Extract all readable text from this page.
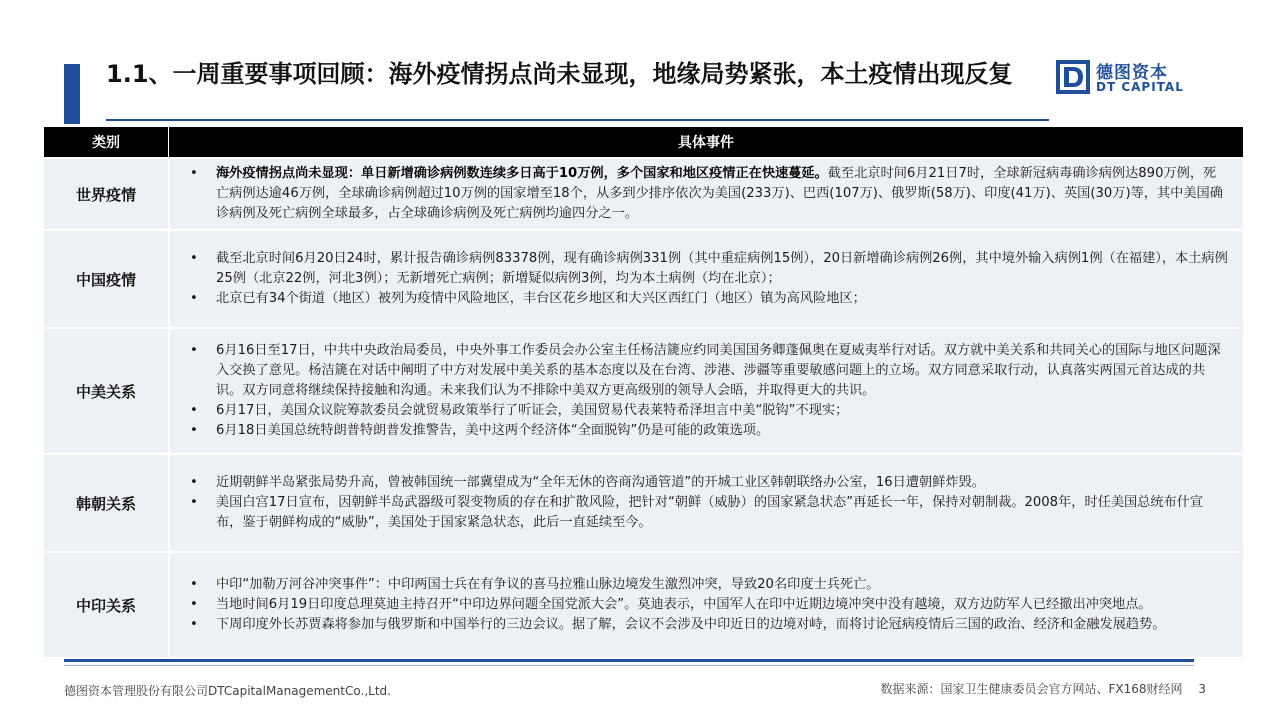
1.1、一周重要事项回顾：海外疫情拐点尚未显现，地缘局势紧张，本土疫情出现反复	德图资本
DT CAPITAL
类别	具体事件
世界疫情
• 海外疫情拐点尚未显现：单日新增确诊病例数连续多日高于10万例，多个国家和地区疫情正在快速蔓延。截至北京时间6月21日7时，全球新冠病毒确诊病例达890万例，死亡病例达逾46万例，全球确诊病例超过10万例的国家增至18个，从多到少排序依次为美国(233万)、巴西(107万)、俄罗斯(58万)、印度(41万)、英国(30万)等，其中美国确诊病例及死亡病例全球最多，占全球确诊病例及死亡病例均逾四分之一。
中国疫情
• 截至北京时间6月20日24时，累计报告确诊病例83378例，现有确诊病例331例（其中重症病例15例），20日新增确诊病例26例，其中境外输入病例1例（在福建），本土病例25例（北京22例，河北3例）；无新增死亡病例；新增疑似病例3例，均为本土病例（均在北京）；
• 北京已有34个街道（地区）被列为疫情中风险地区，丰台区花乡地区和大兴区西红门（地区）镇为高风险地区；
中美关系
• 6月16日至17日，中共中央政治局委员，中央外事工作委员会办公室主任杨洁篪应约同美国国务卿蓬佩奥在夏威夷举行对话。双方就中美关系和共同关心的国际与地区问题深入交换了意见。杨洁篪在对话中阐明了中方对发展中美关系的基本态度以及在台湾、涉港、涉疆等重要敏感问题上的立场。双方同意采取行动，认真落实两国元首达成的共识。双方同意将继续保持接触和沟通。未来我们认为不排除中美双方更高级别的领导人会晤，并取得更大的共识。
• 6月17日，美国众议院筹款委员会就贸易政策举行了听证会，美国贸易代表莱特希泽坦言中美“脱钩”不现实；
• 6月18日美国总统特朗普特朗普发推警告，美中这两个经济体“全面脱钩”仍是可能的政策选项。
韩朝关系
• 近期朝鲜半岛紧张局势升高，曾被韩国统一部冀望成为“全年无休的咨商沟通管道”的开城工业区韩朝联络办公室，16日遭朝鲜炸毁。
• 美国白宫17日宣布，因朝鲜半岛武器级可裂变物质的存在和扩散风险，把针对“朝鲜（威胁）的国家紧急状态”再延长一年，保持对朝制裁。2008年，时任美国总统布什宣布，鉴于朝鲜构成的“威胁”，美国处于国家紧急状态，此后一直延续至今。
中印关系
• 中印“加勒万河谷冲突事件”：中印两国士兵在有争议的喜马拉雅山脉边境发生激烈冲突，导致20名印度士兵死亡。
• 当地时间6月19日印度总理莫迪主持召开“中印边界问题全国党派大会”。莫迪表示，中国军人在印中近期边境冲突中没有越境，双方边防军人已经撤出冲突地点。
• 下周印度外长苏贾森将参加与俄罗斯和中国举行的三边会议。据了解，会议不会涉及中印近日的边境对峙，而将讨论冠病疫情后三国的政治、经济和金融发展趋势。
德图资本管理股份有限公司DTCapitalManagementCo.,Ltd.	数据来源：国家卫生健康委员会官方网站、FX168财经网 3
